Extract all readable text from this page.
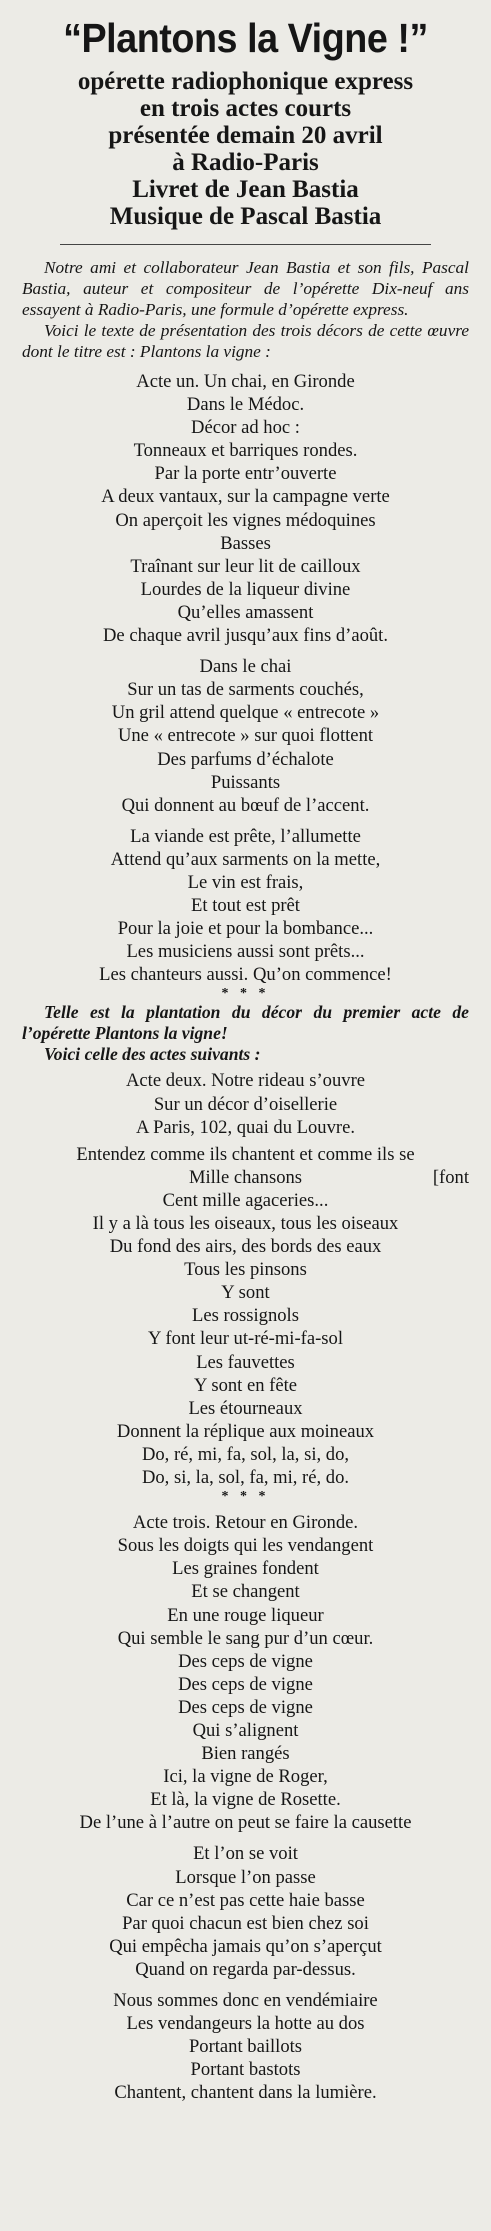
“Plantons la Vigne !”
opérette radiophonique express
en trois actes courts
présentée demain 20 avril
à Radio-Paris
Livret de Jean Bastia
Musique de Pascal Bastia

Notre ami et collaborateur Jean Bastia et son fils, Pascal Bastia, auteur et compositeur de l’opérette Dix-neuf ans essayent à Radio-Paris, une formule d’opérette express.

Voici le texte de présentation des trois décors de cette œuvre dont le titre est : Plantons la vigne :

Acte un. Un chai, en Gironde
Dans le Médoc.
Décor ad hoc :
Tonneaux et barriques rondes.
Par la porte entr’ouverte
A deux vantaux, sur la campagne verte
On aperçoit les vignes médoquines
Basses
Traînant sur leur lit de cailloux
Lourdes de la liqueur divine
Qu’elles amassent
De chaque avril jusqu’aux fins d’août.
Dans le chai
Sur un tas de sarments couchés,
Un gril attend quelque « entrecote »
Une « entrecote » sur quoi flottent
Des parfums d’échalote
Puissants
Qui donnent au bœuf de l’accent.
La viande est prête, l’allumette
Attend qu’aux sarments on la mette,
Le vin est frais,
Et tout est prêt
Pour la joie et pour la bombance...
Les musiciens aussi sont prêts...
Les chanteurs aussi. Qu’on commence!
* * *

Telle est la plantation du décor du premier acte de l’opérette Plantons la vigne!

Voici celle des actes suivants :

Acte deux. Notre rideau s’ouvre
Sur un décor d’oisellerie
A Paris, 102, quai du Louvre.
Entendez comme ils chantent et comme ils se
Mille chansons	[font
Cent mille agaceries...
Il y a là tous les oiseaux, tous les oiseaux
Du fond des airs, des bords des eaux
Tous les pinsons
Y sont
Les rossignols
Y font leur ut-ré-mi-fa-sol
Les fauvettes
Y sont en fête
Les étourneaux
Donnent la réplique aux moineaux
Do, ré, mi, fa, sol, la, si, do,
Do, si, la, sol, fa, mi, ré, do.
* * *
Acte trois. Retour en Gironde.
Sous les doigts qui les vendangent
Les graines fondent
Et se changent
En une rouge liqueur
Qui semble le sang pur d’un cœur.
Des ceps de vigne
Des ceps de vigne
Des ceps de vigne
Qui s’alignent
Bien rangés
Ici, la vigne de Roger,
Et là, la vigne de Rosette.
De l’une à l’autre on peut se faire la causette
Et l’on se voit
Lorsque l’on passe
Car ce n’est pas cette haie basse
Par quoi chacun est bien chez soi
Qui empêcha jamais qu’on s’aperçut
Quand on regarda par-dessus.
Nous sommes donc en vendémiaire
Les vendangeurs la hotte au dos
Portant baillots
Portant bastots
Chantent, chantent dans la lumière.
